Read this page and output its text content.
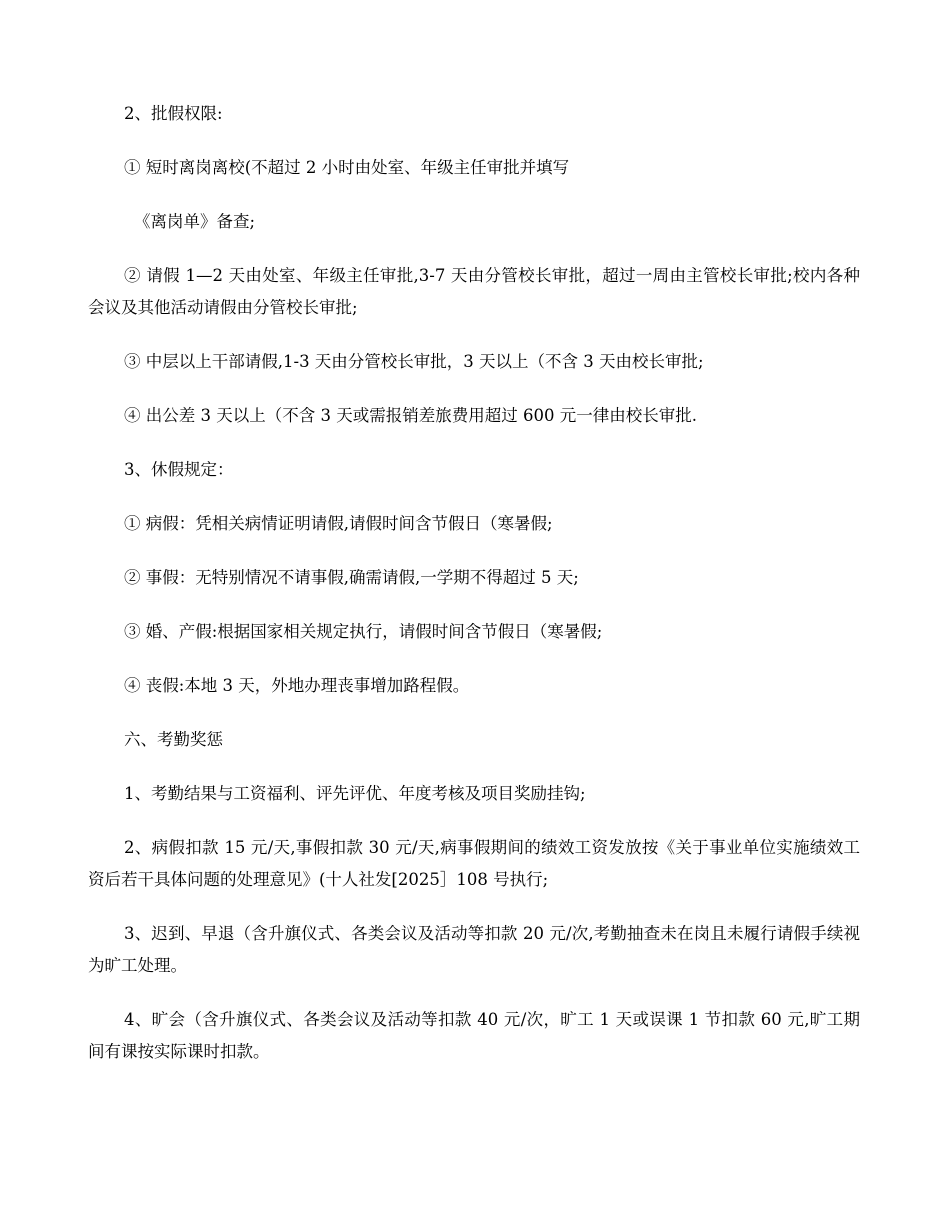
2、批假权限:

① 短时离岗离校(不超过 2 小时由处室、年级主任审批并填写

《离岗单》备查;

② 请假 1—2 天由处室、年级主任审批,3-7 天由分管校长审批，超过一周由主管校长审批;校内各种会议及其他活动请假由分管校长审批;

③ 中层以上干部请假,1-3 天由分管校长审批，3 天以上（不含 3 天由校长审批;

④ 出公差 3 天以上（不含 3 天或需报销差旅费用超过 600 元一律由校长审批.

3、休假规定：

① 病假：凭相关病情证明请假,请假时间含节假日（寒暑假;

② 事假：无特别情况不请事假,确需请假,一学期不得超过 5 天;

③ 婚、产假:根据国家相关规定执行，请假时间含节假日（寒暑假;

④ 丧假:本地 3 天，外地办理丧事增加路程假。

六、考勤奖惩

1、考勤结果与工资福利、评先评优、年度考核及项目奖励挂钩;

2、病假扣款 15 元/天,事假扣款 30 元/天,病事假期间的绩效工资发放按《关于事业单位实施绩效工资后若干具体问题的处理意见》(十人社发[2025］108 号执行;

3、迟到、早退（含升旗仪式、各类会议及活动等扣款 20 元/次,考勤抽查未在岗且未履行请假手续视为旷工处理。

4、旷会（含升旗仪式、各类会议及活动等扣款 40 元/次，旷工 1 天或误课 1 节扣款 60 元,旷工期间有课按实际课时扣款。
